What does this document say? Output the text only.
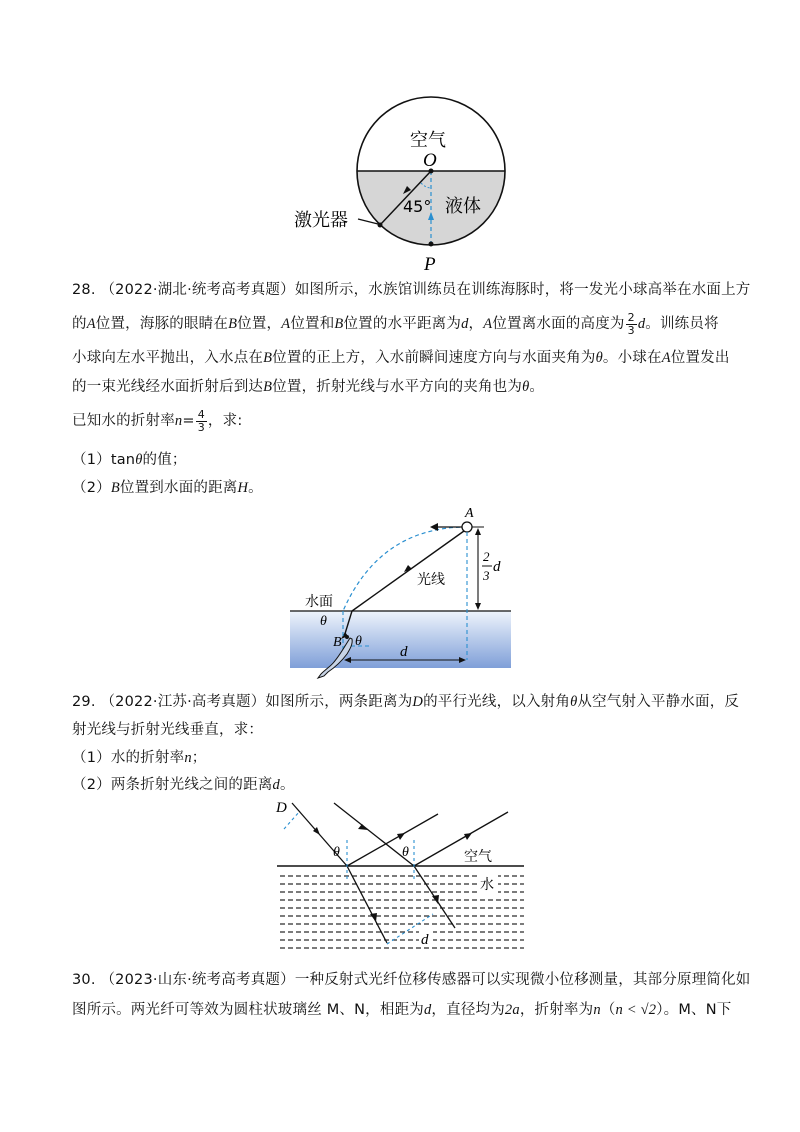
空气
O
液体
45°
激光器
P
28. （2022·湖北·统考高考真题）如图所示，水族馆训练员在训练海豚时，将一发光小球高举在水面上方
的A位置，海豚的眼睛在B位置，A位置和B位置的水平距离为d，A位置离水面的高度为 $\frac{2}{3}$ d。训练员将
小球向左水平抛出，入水点在B位置的正上方，入水前瞬间速度方向与水面夹角为θ。小球在A位置发出
的一束光线经水面折射后到达B位置，折射光线与水平方向的夹角也为θ。
已知水的折射率$n= \frac{4}{3}$ ，求:
（1）tanθ的值；
（2）B位置到水面的距离H。
A
光线
水面
θ
B θ
d
2
3
d
29. （2022·江苏·高考真题）如图所示，两条距离为D的平行光线，以入射角θ从空气射入平静水面，反
射光线与折射光线垂直，求：
（1）水的折射率n；
（2）两条折射光线之间的距离d。
D
θ	θ	空气
水
d
30. （2023·山东·统考高考真题）一种反射式光纤位移传感器可以实现微小位移测量，其部分原理简化如
图所示。两光纤可等效为圆柱状玻璃丝 M、N，相距为d，直径均为2a，折射率为n（n < √2）。M、N下
